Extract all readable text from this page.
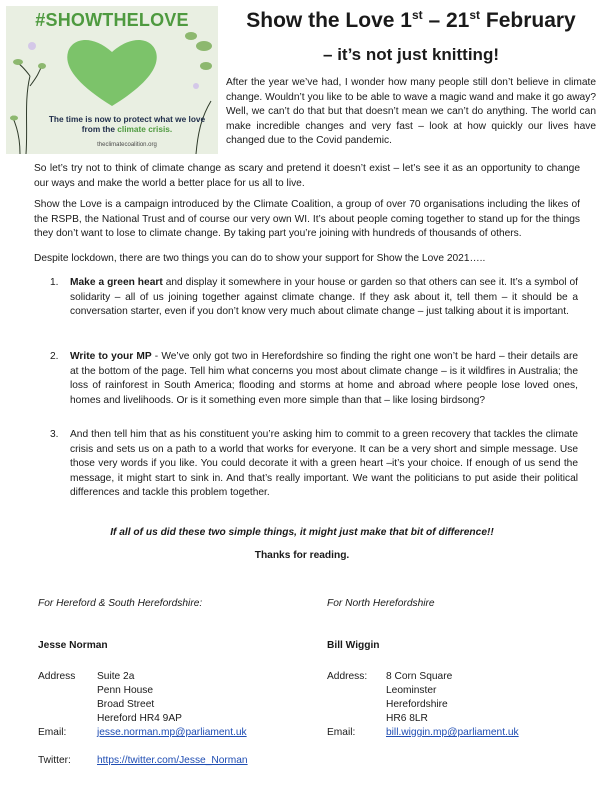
#SHOWTHELOVE
The time is now to protect what we love from the climate crisis.
theclimatecoalition.org
Show the Love 1st – 21st February
– it’s not just knitting!

After the year we’ve had, I wonder how many people still don’t believe in climate change. Wouldn’t you like to be able to wave a magic wand and make it go away? Well, we can’t do that but that doesn’t mean we can’t do anything. The world can make incredible changes and very fast – look at how quickly our lives have changed due to the Covid pandemic.

So let’s try not to think of climate change as scary and pretend it doesn’t exist – let’s see it as an opportunity to change our ways and make the world a better place for us all to live.

Show the Love is a campaign introduced by the Climate Coalition, a group of over 70 organisations including the likes of the RSPB, the National Trust and of course our very own WI. It’s about people coming together to stand up for the things they don’t want to lose to climate change. By taking part you’re joining with hundreds of thousands of others.

Despite lockdown, there are two things you can do to show your support for Show the Love 2021…..

1. Make a green heart and display it somewhere in your house or garden so that others can see it. It’s a symbol of solidarity – all of us joining together against climate change. If they ask about it, tell them – it should be a conversation starter, even if you don’t know very much about climate change – just talking about it is important.
2. Write to your MP - We’ve only got two in Herefordshire so finding the right one won’t be hard – their details are at the bottom of the page. Tell him what concerns you most about climate change – is it wildfires in Australia; the loss of rainforest in South America; flooding and storms at home and abroad where people lose loved ones, homes and livelihoods. Or is it something even more simple than that – like losing birdsong?
3. And then tell him that as his constituent you’re asking him to commit to a green recovery that tackles the climate crisis and sets us on a path to a world that works for everyone. It can be a very short and simple message. Use those very words if you like. You could decorate it with a green heart –it’s your choice. If enough of us send the message, it might start to sink in. And that’s really important. We want the politicians to put aside their political differences and tackle this problem together.
If all of us did these two simple things, it might just make that bit of difference!!
Thanks for reading.
For Hereford & South Herefordshire:
Jesse Norman
Address Suite 2a
Penn House
Broad Street
Hereford HR4 9AP
Email:	jesse.norman.mp@parliament.uk
Twitter:	https://twitter.com/Jesse_Norman
For North Herefordshire
Bill Wiggin
Address: 8 Corn Square
Leominster
Herefordshire
HR6 8LR
Email:	bill.wiggin.mp@parliament.uk
